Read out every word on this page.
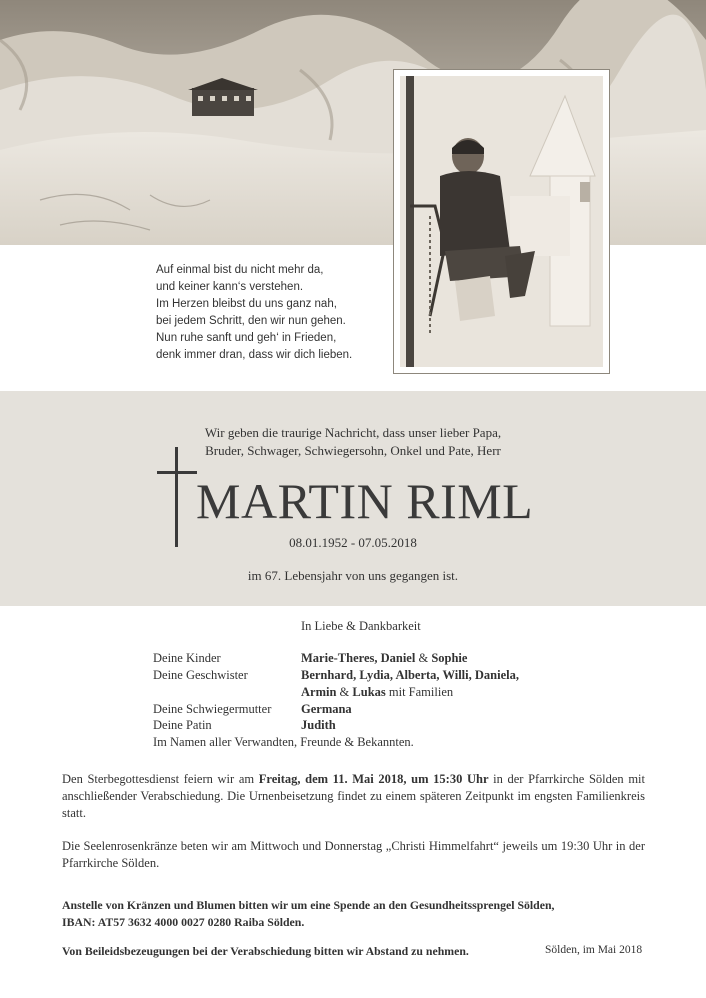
Auf einmal bist du nicht mehr da,
und keiner kann‘s verstehen.
Im Herzen bleibst du uns ganz nah,
bei jedem Schritt, den wir nun gehen.
Nun ruhe sanft und geh‘ in Frieden,
denk immer dran, dass wir dich lieben.
Wir geben die traurige Nachricht, dass unser lieber Papa,
Bruder, Schwager, Schwiegersohn, Onkel und Pate, Herr
MARTIN RIML
08.01.1952 - 07.05.2018
im 67. Lebensjahr von uns gegangen ist.
In Liebe & Dankbarkeit
Deine Kinder	Marie-Theres, Daniel & Sophie
Deine Geschwister	Bernhard, Lydia, Alberta, Willi, Daniela,
Armin & Lukas mit Familien
Deine Schwiegermutter Germana
Deine Patin	Judith
Im Namen aller Verwandten, Freunde & Bekannten.
Den Sterbegottesdienst feiern wir am Freitag, dem 11. Mai 2018, um 15:30 Uhr in der Pfarrkirche Sölden mit anschließender Verabschiedung. Die Urnenbeisetzung findet zu einem späteren Zeitpunkt im engsten Familienkreis statt.
Die Seelenrosenkränze beten wir am Mittwoch und Donnerstag „Christi Himmelfahrt“ jeweils um 19:30 Uhr in der Pfarrkirche Sölden.
Anstelle von Kränzen und Blumen bitten wir um eine Spende an den Gesundheitssprengel Sölden,
IBAN: AT57 3632 4000 0027 0280 Raiba Sölden.
Von Beileidsbezeugungen bei der Verabschiedung bitten wir Abstand zu nehmen.	Sölden, im Mai 2018
